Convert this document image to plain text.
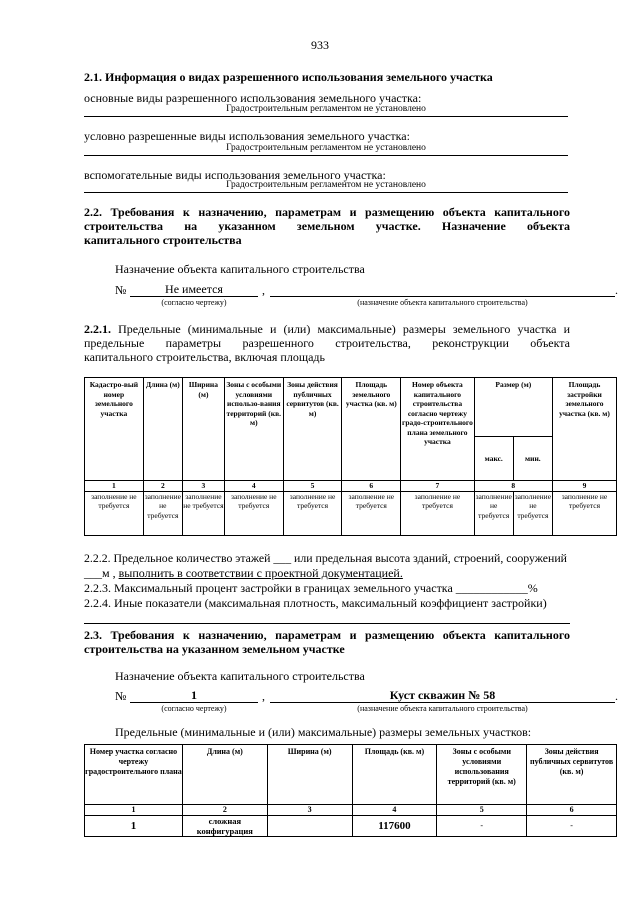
933
2.1. Информация о видах разрешенного использования земельного участка
основные виды разрешенного использования земельного участка:
Градостроительным регламентом не установлено
условно разрешенные виды использования земельного участка:
Градостроительным регламентом не установлено
вспомогательные виды использования земельного участка:
Градостроительным регламентом не установлено
2.2. Требования к назначению, параметрам и размещению объекта капитального
строительства на указанном земельном участке. Назначение объекта
капитального строительства
Назначение объекта капитального строительства
№	Не имеется	,	.
(согласно чертежу)	(назначение объекта капитального строительства)
2.2.1. Предельные (минимальные и (или) максимальные) размеры земельного участка и
предельные параметры разрешенного строительства, реконструкции объекта
капитального строительства, включая площадь
Кадастро-вый номер земельного участка	Длина (м)	Ширина (м)	Зоны с особыми условиями использо-вания территорий (кв. м)	Зоны действия публичных сервитутов (кв. м)	Площадь земельного участка (кв. м)	Номер объекта капитального строительства согласно чертежу градо-строительного плана земельного участка	Размер (м)		Площадь застройки земельного участка (кв. м)
							макс.	мин.	
1	2	3	4	5	6	7	8		9
заполнение не требуется	заполнение не требуется	заполнение не требуется	заполнение не требуется	заполнение не требуется	заполнение не требуется	заполнение не требуется	заполнение не требуется	заполнение не требуется	заполнение не требуется
2.2.2. Предельное количество этажей ___ или предельная высота зданий, строений, сооружений
___м , выполнить в соответствии с проектной документацией.
2.2.3. Максимальный процент застройки в границах земельного участка ____________%
2.2.4. Иные показатели (максимальная плотность, максимальный коэффициент застройки)
2.3. Требования к назначению, параметрам и размещению объекта капитального
строительства на указанном земельном участке
Назначение объекта капитального строительства
№	1	,	Куст скважин № 58	.
(согласно чертежу)	(назначение объекта капитального строительства)
Предельные (минимальные и (или) максимальные) размеры земельных участков:
Номер участка согласно чертежу градостроительного плана	Длина (м)	Ширина (м)	Площадь (кв. м)	Зоны с особыми условиями использования территорий (кв. м)	Зоны действия публичных сервитутов (кв. м)
1	2	3	4	5	6
1	сложная конфигурация		117600	-	-
